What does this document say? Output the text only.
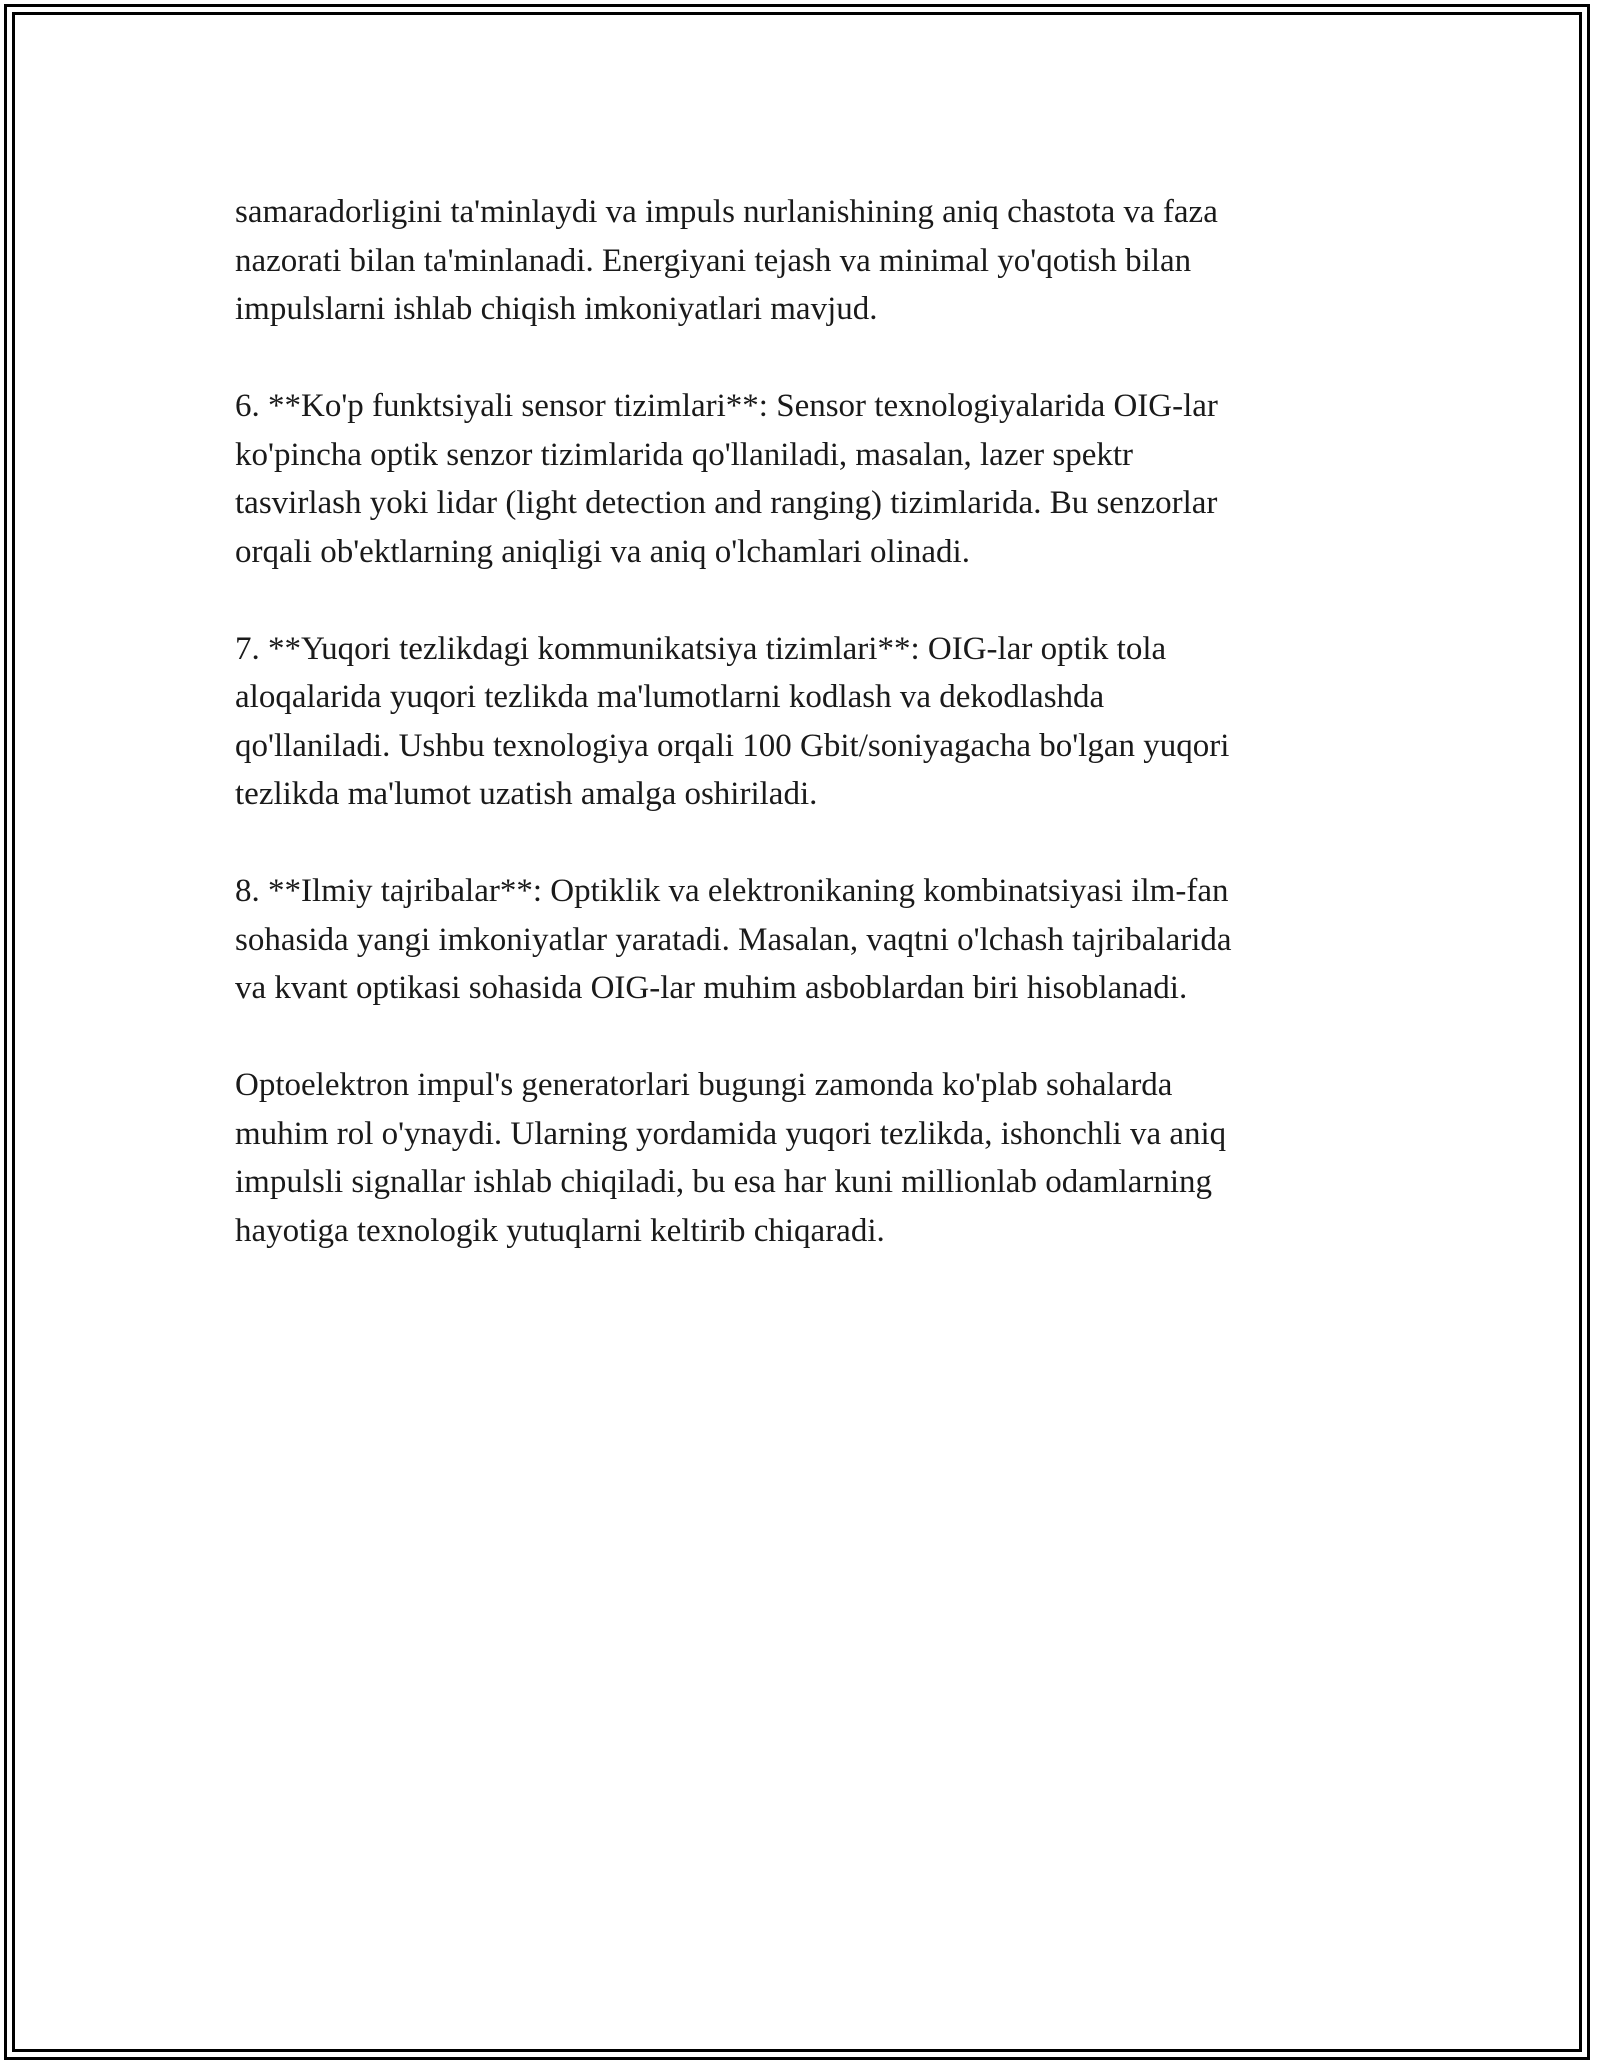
samaradorligini ta'minlaydi va impuls nurlanishining aniq chastota va faza
nazorati bilan ta'minlanadi. Energiyani tejash va minimal yo'qotish bilan
impulslarni ishlab chiqish imkoniyatlari mavjud.

6. **Ko'p funktsiyali sensor tizimlari**: Sensor texnologiyalarida OIG-lar
ko'pincha optik senzor tizimlarida qo'llaniladi, masalan, lazer spektr
tasvirlash yoki lidar (light detection and ranging) tizimlarida. Bu senzorlar
orqali ob'ektlarning aniqligi va aniq o'lchamlari olinadi.

7. **Yuqori tezlikdagi kommunikatsiya tizimlari**: OIG-lar optik tola
aloqalarida yuqori tezlikda ma'lumotlarni kodlash va dekodlashda
qo'llaniladi. Ushbu texnologiya orqali 100 Gbit/soniyagacha bo'lgan yuqori
tezlikda ma'lumot uzatish amalga oshiriladi.

8. **Ilmiy tajribalar**: Optiklik va elektronikaning kombinatsiyasi ilm-fan
sohasida yangi imkoniyatlar yaratadi. Masalan, vaqtni o'lchash tajribalarida
va kvant optikasi sohasida OIG-lar muhim asboblardan biri hisoblanadi.

Optoelektron impul's generatorlari bugungi zamonda ko'plab sohalarda
muhim rol o'ynaydi. Ularning yordamida yuqori tezlikda, ishonchli va aniq
impulsli signallar ishlab chiqiladi, bu esa har kuni millionlab odamlarning
hayotiga texnologik yutuqlarni keltirib chiqaradi.
